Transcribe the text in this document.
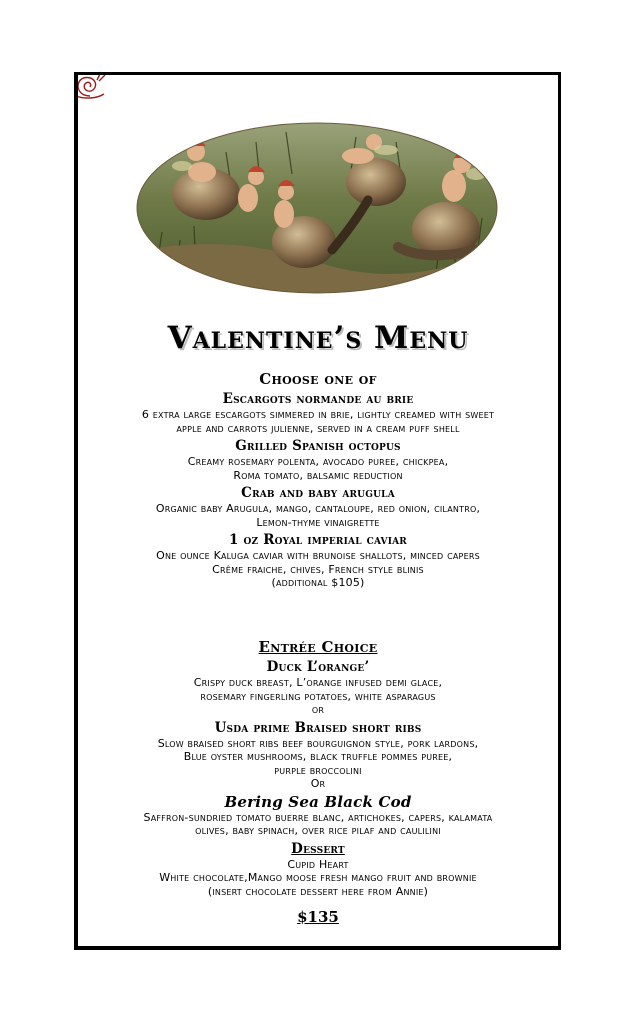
Valentine’s Menu
Choose one of
Escargots normande au brie
6 extra large escargots simmered in brie, lightly creamed with sweet
apple and carrots julienne, served in a cream puff shell
Grilled Spanish octopus
Creamy rosemary polenta, avocado puree, chickpea,
Roma tomato, balsamic reduction
Crab and baby arugula
Organic baby Arugula, mango, cantaloupe, red onion, cilantro,
Lemon-thyme vinaigrette
1 oz Royal imperial caviar
One ounce Kaluga caviar with brunoise shallots, minced capers
Crême fraiche, chives, French style blinis
(additional $105)
Entrée Choice
Duck L’orange’
Crispy duck breast, L’orange infused demi glace,
rosemary fingerling potatoes, white asparagus
or
Usda prime Braised short ribs
Slow braised short ribs beef bourguignon style, pork lardons,
Blue oyster mushrooms, black truffle pommes puree,
purple broccolini
Or
Bering Sea Black Cod
Saffron-sundried tomato buerre blanc, artichokes, capers, kalamata
olives, baby spinach, over rice pilaf and caulilini
Dessert
Cupid Heart
White chocolate,Mango moose fresh mango fruit and brownie
(insert chocolate dessert here from Annie)
$135
